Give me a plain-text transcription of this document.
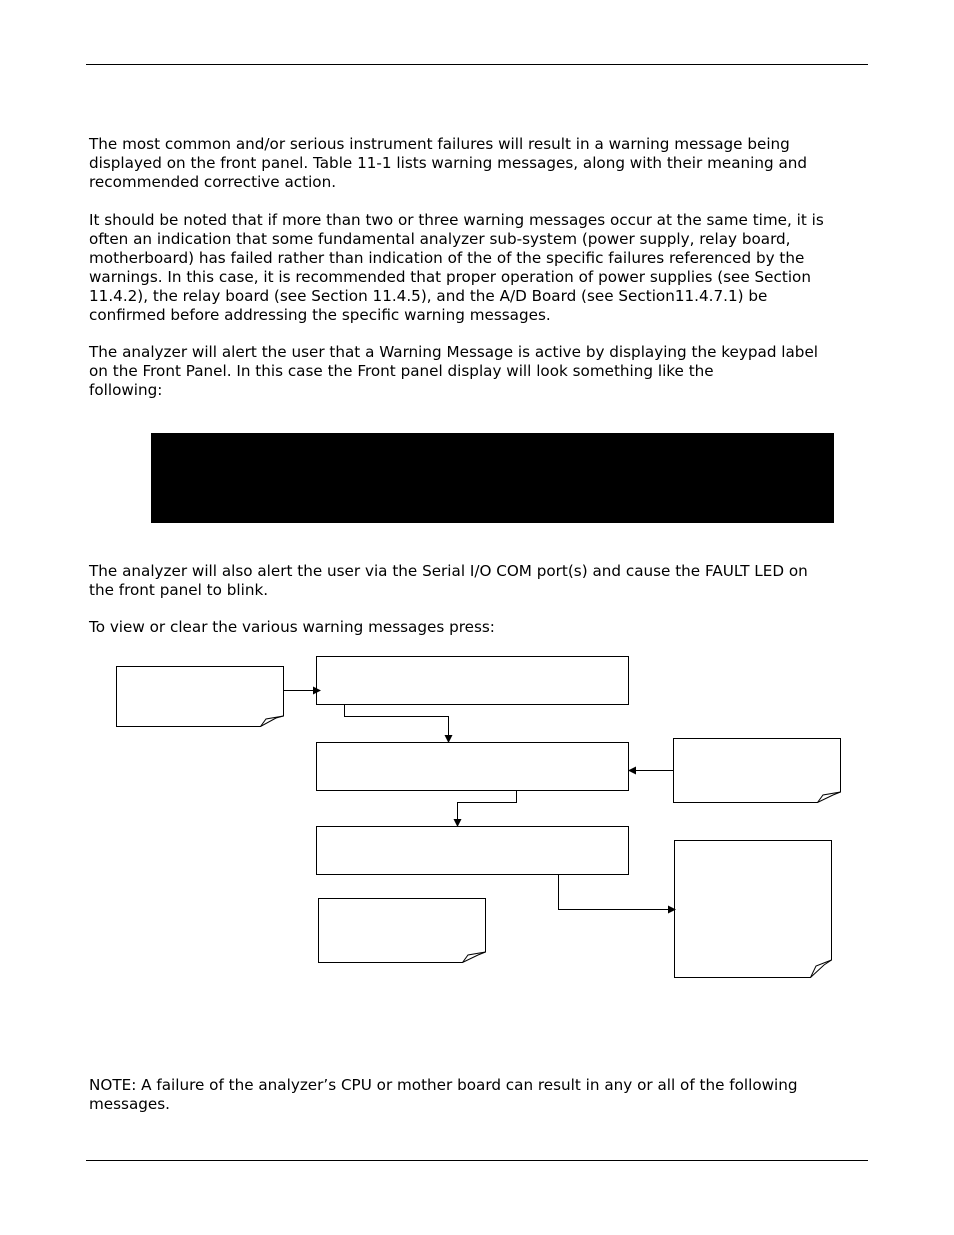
The most common and/or serious instrument failures will result in a warning message being
displayed on the front panel. Table 11-1 lists warning messages, along with their meaning and
recommended corrective action.

It should be noted that if more than two or three warning messages occur at the same time, it is
often an indication that some fundamental analyzer sub-system (power supply, relay board,
motherboard) has failed rather than indication of the of the specific failures referenced by the
warnings. In this case, it is recommended that proper operation of power supplies (see Section
11.4.2), the relay board (see Section 11.4.5), and the A/D Board (see Section11.4.7.1) be
confirmed before addressing the specific warning messages.

The analyzer will alert the user that a Warning Message is active by displaying the keypad label
on the Front Panel. In this case the Front panel display will look something like the
following:

The analyzer will also alert the user via the Serial I/O COM port(s) and cause the FAULT LED on
the front panel to blink.

To view or clear the various warning messages press:

NOTE: A failure of the analyzer’s CPU or mother board can result in any or all of the following
messages.
